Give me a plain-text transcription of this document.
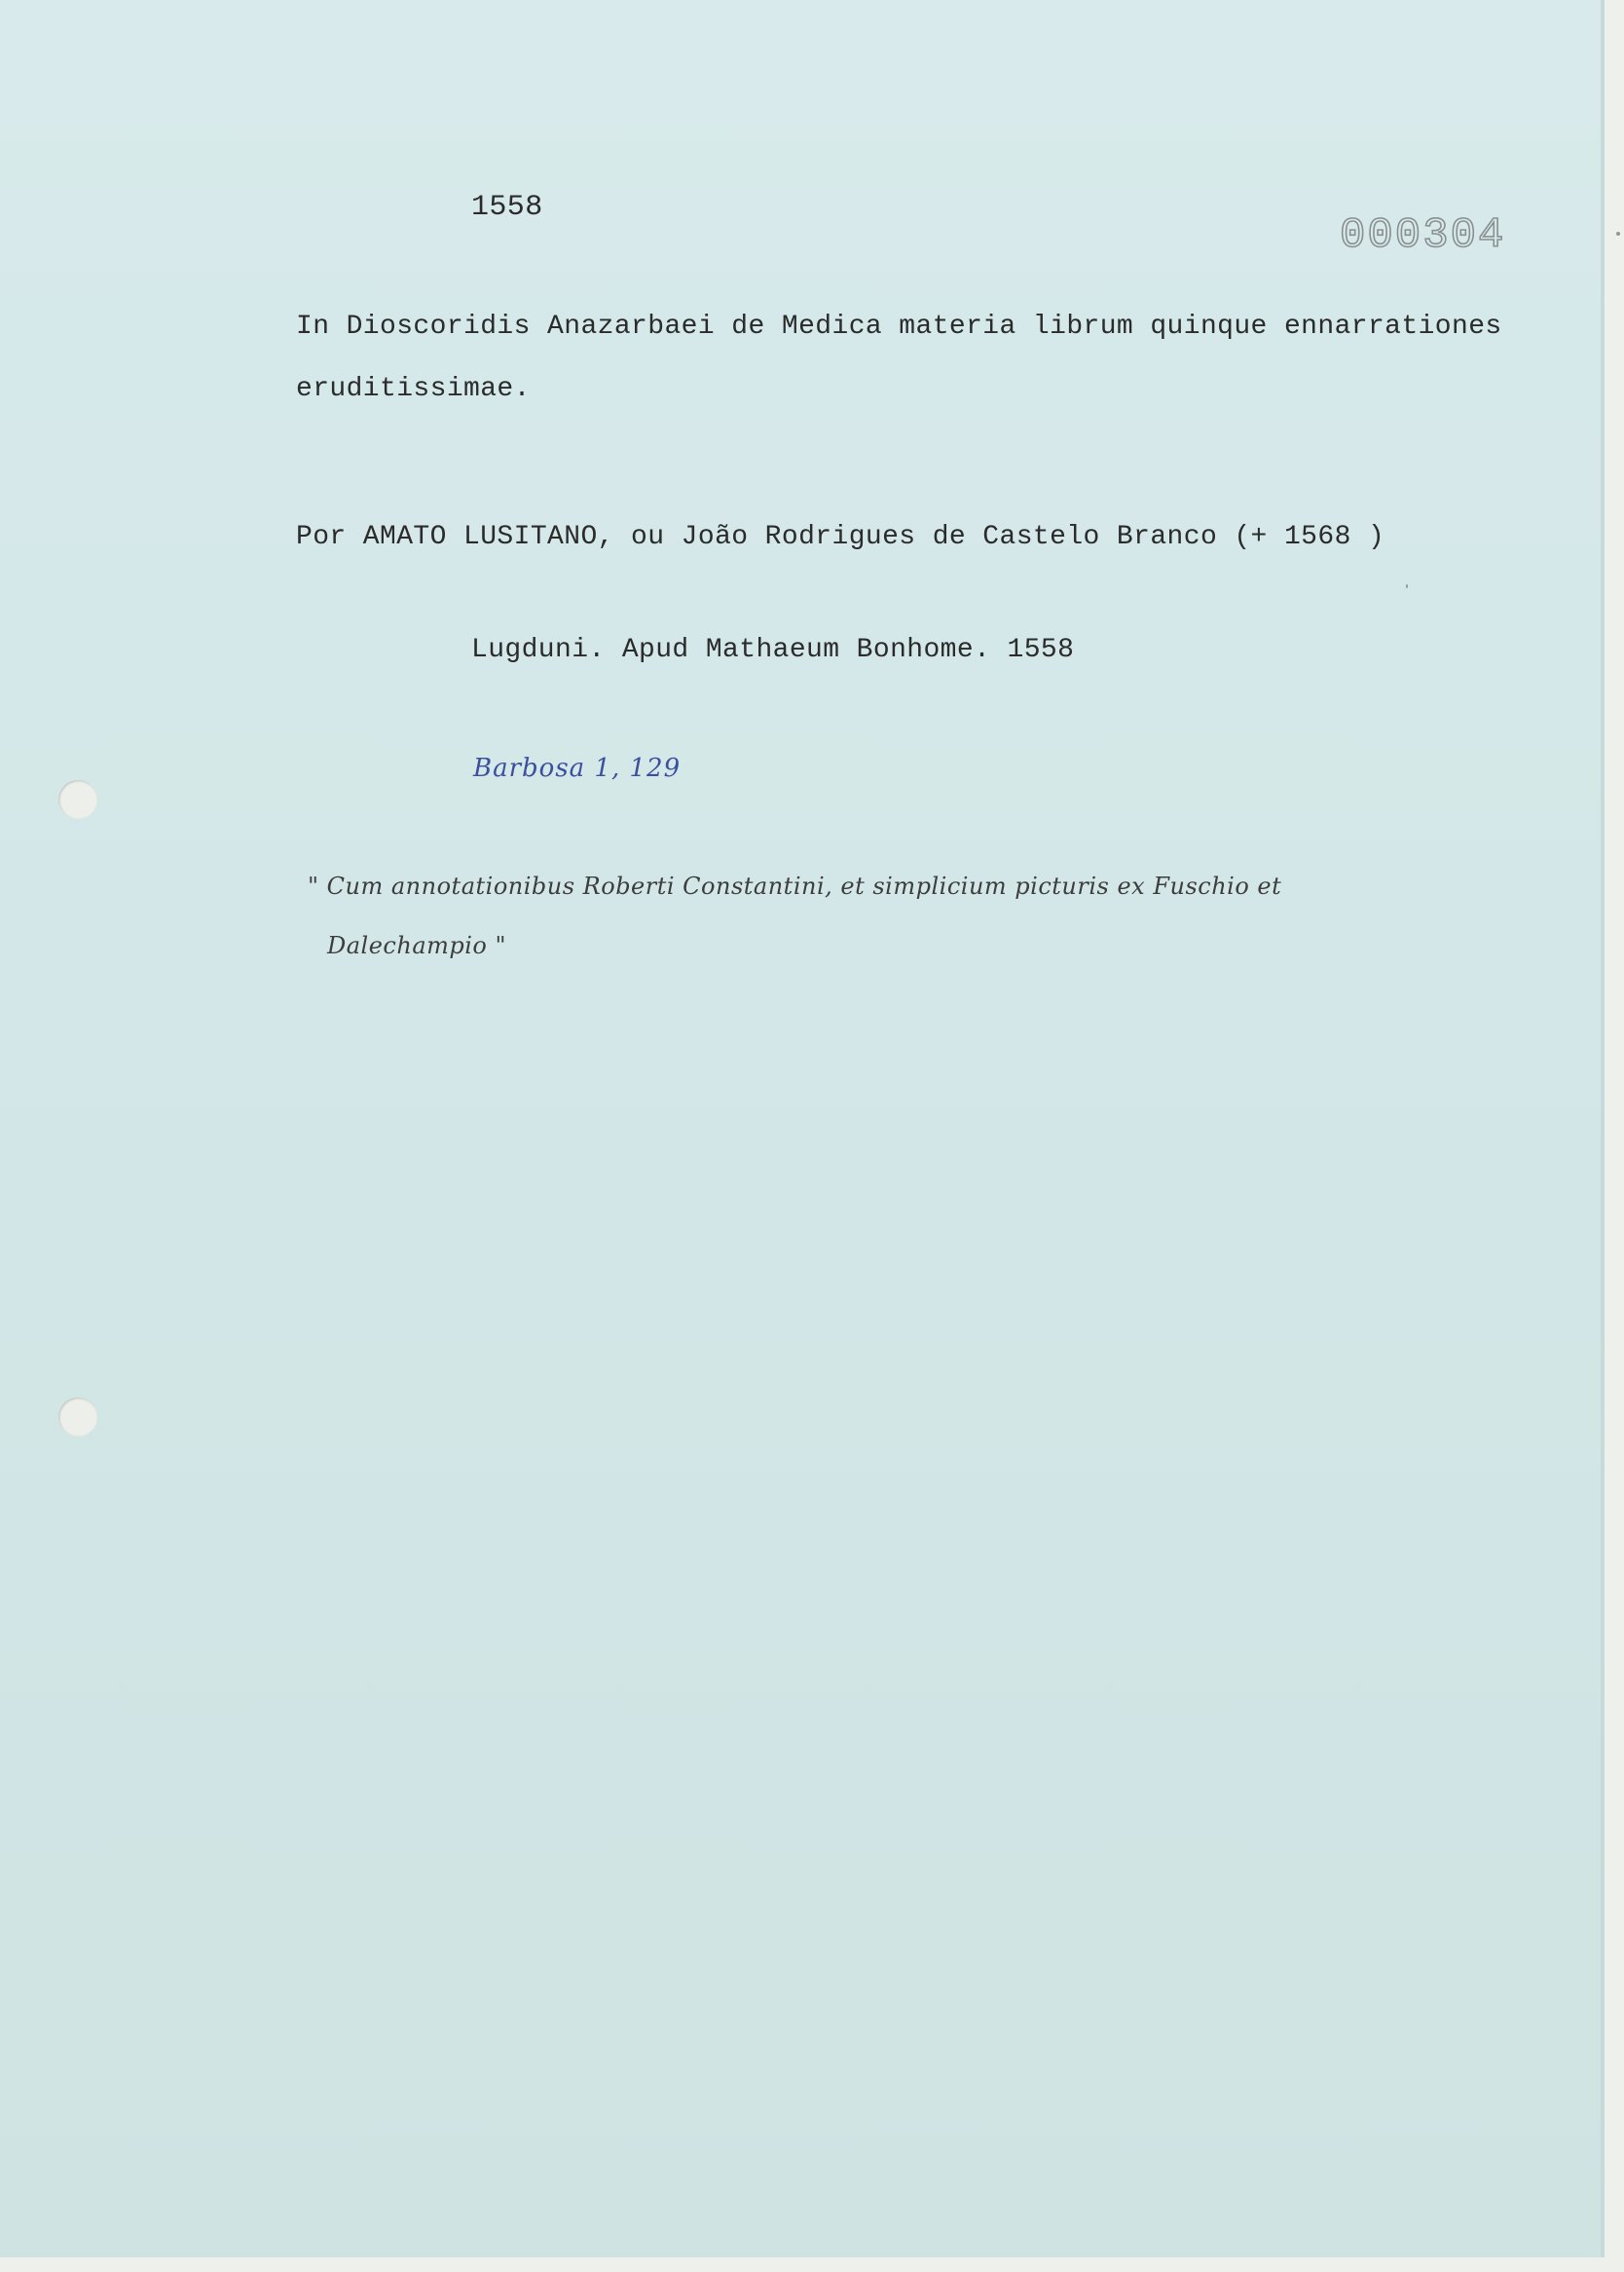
1558
000304
In Dioscoridis Anazarbaei de Medica materia librum quinque ennarrationes
eruditissimae.
Por AMATO LUSITANO, ou João Rodrigues de Castelo Branco (+ 1568 )
Lugduni. Apud Mathaeum Bonhome. 1558
Barbosa 1, 129
" Cum annotationibus Roberti Constantini, et simplicium picturis ex Fuschio et
Dalechampio "
